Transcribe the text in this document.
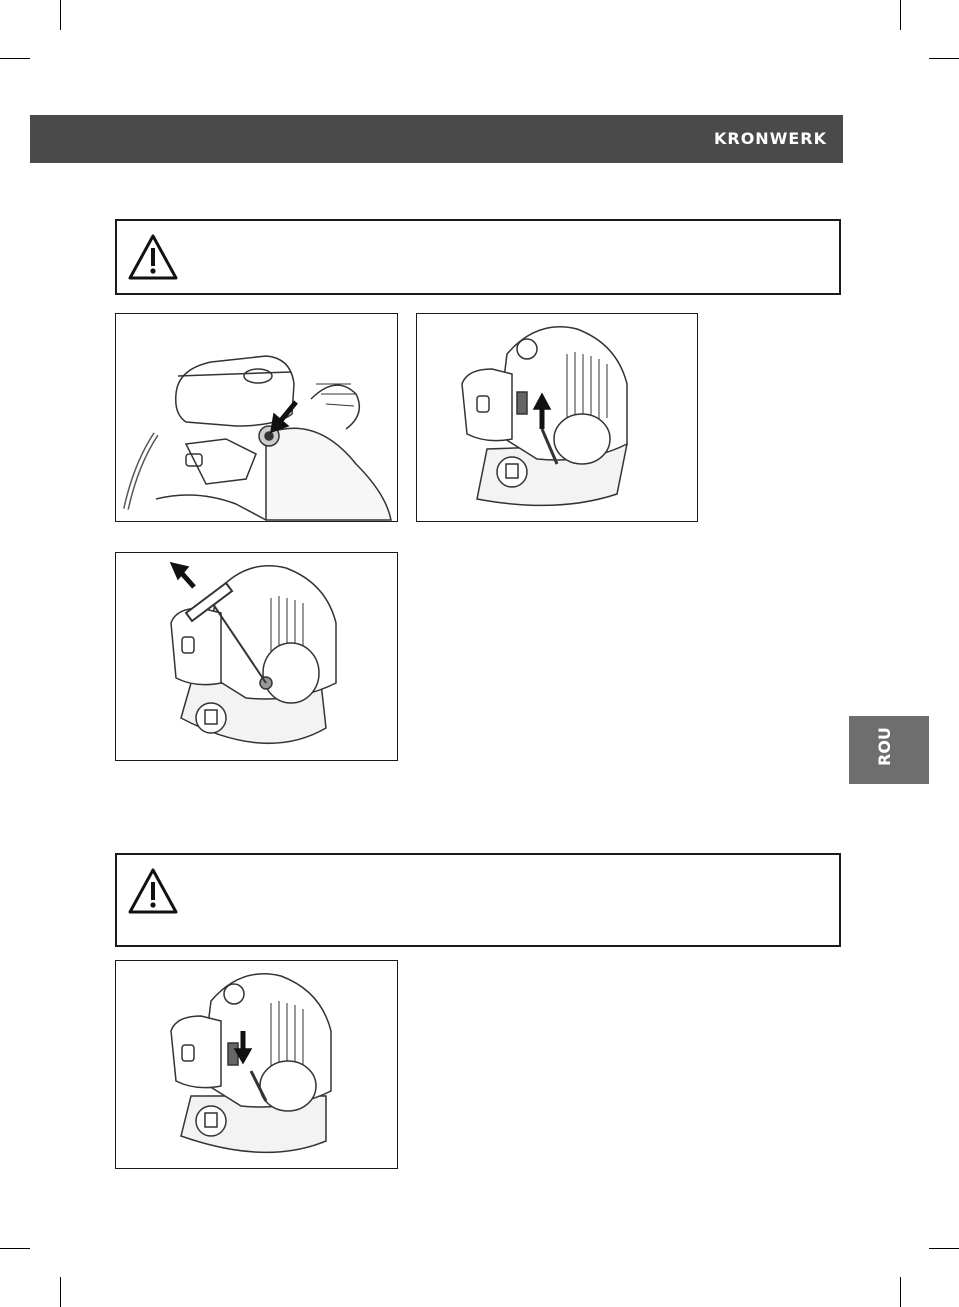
KRONWERK
ROU
